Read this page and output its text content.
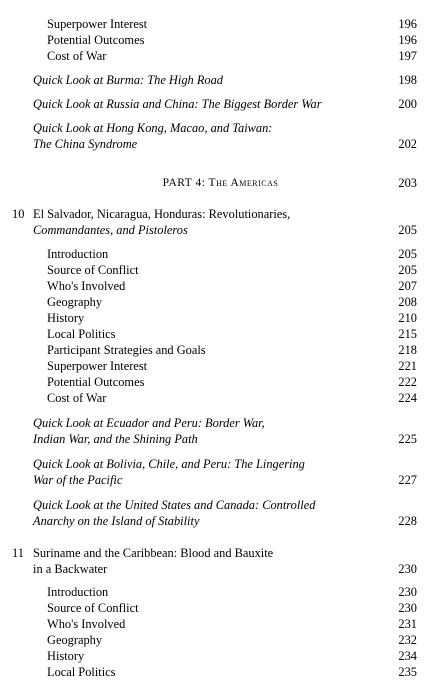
Superpower Interest	196
Potential Outcomes	196
Cost of War	197
Quick Look at Burma: The High Road	198
Quick Look at Russia and China: The Biggest Border War	200
Quick Look at Hong Kong, Macao, and Taiwan:
The China Syndrome	202
PART 4: The Americas	203
10 El Salvador, Nicaragua, Honduras: Revolutionaries,
Commandantes, and Pistoleros	205
Introduction	205
Source of Conflict	205
Who's Involved	207
Geography	208
History	210
Local Politics	215
Participant Strategies and Goals	218
Superpower Interest	221
Potential Outcomes	222
Cost of War	224
Quick Look at Ecuador and Peru: Border War,
Indian War, and the Shining Path	225
Quick Look at Bolivia, Chile, and Peru: The Lingering
War of the Pacific	227
Quick Look at the United States and Canada: Controlled
Anarchy on the Island of Stability	228
11 Suriname and the Caribbean: Blood and Bauxite
in a Backwater	230
Introduction	230
Source of Conflict	230
Who's Involved	231
Geography	232
History	234
Local Politics	235
